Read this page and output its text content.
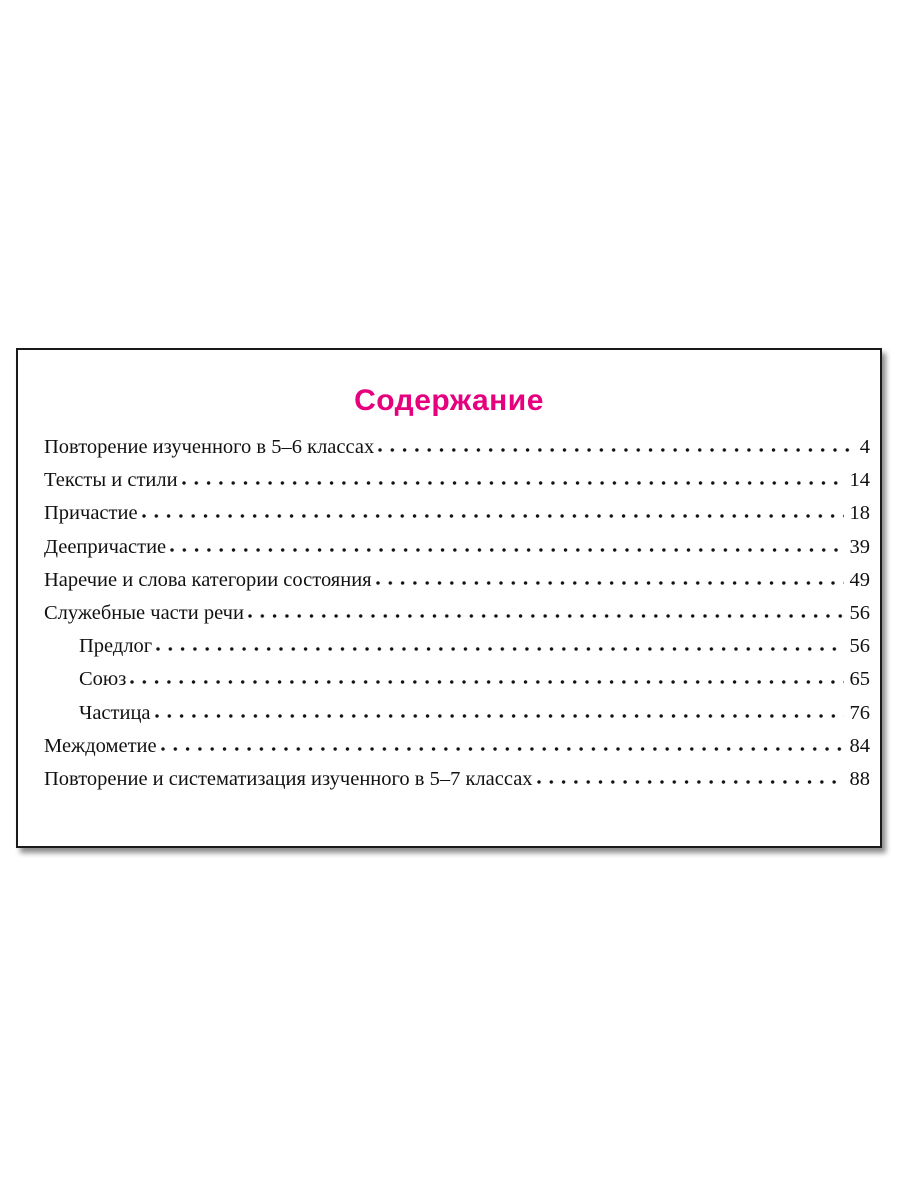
Содержание
Повторение изученного в 5–6 классах	4
Тексты и стили	14
Причастие	18
Деепричастие	39
Наречие и слова категории состояния	49
Служебные части речи	56
Предлог	56
Союз	65
Частица	76
Междометие	84
Повторение и систематизация изученного в 5–7 классах	88
